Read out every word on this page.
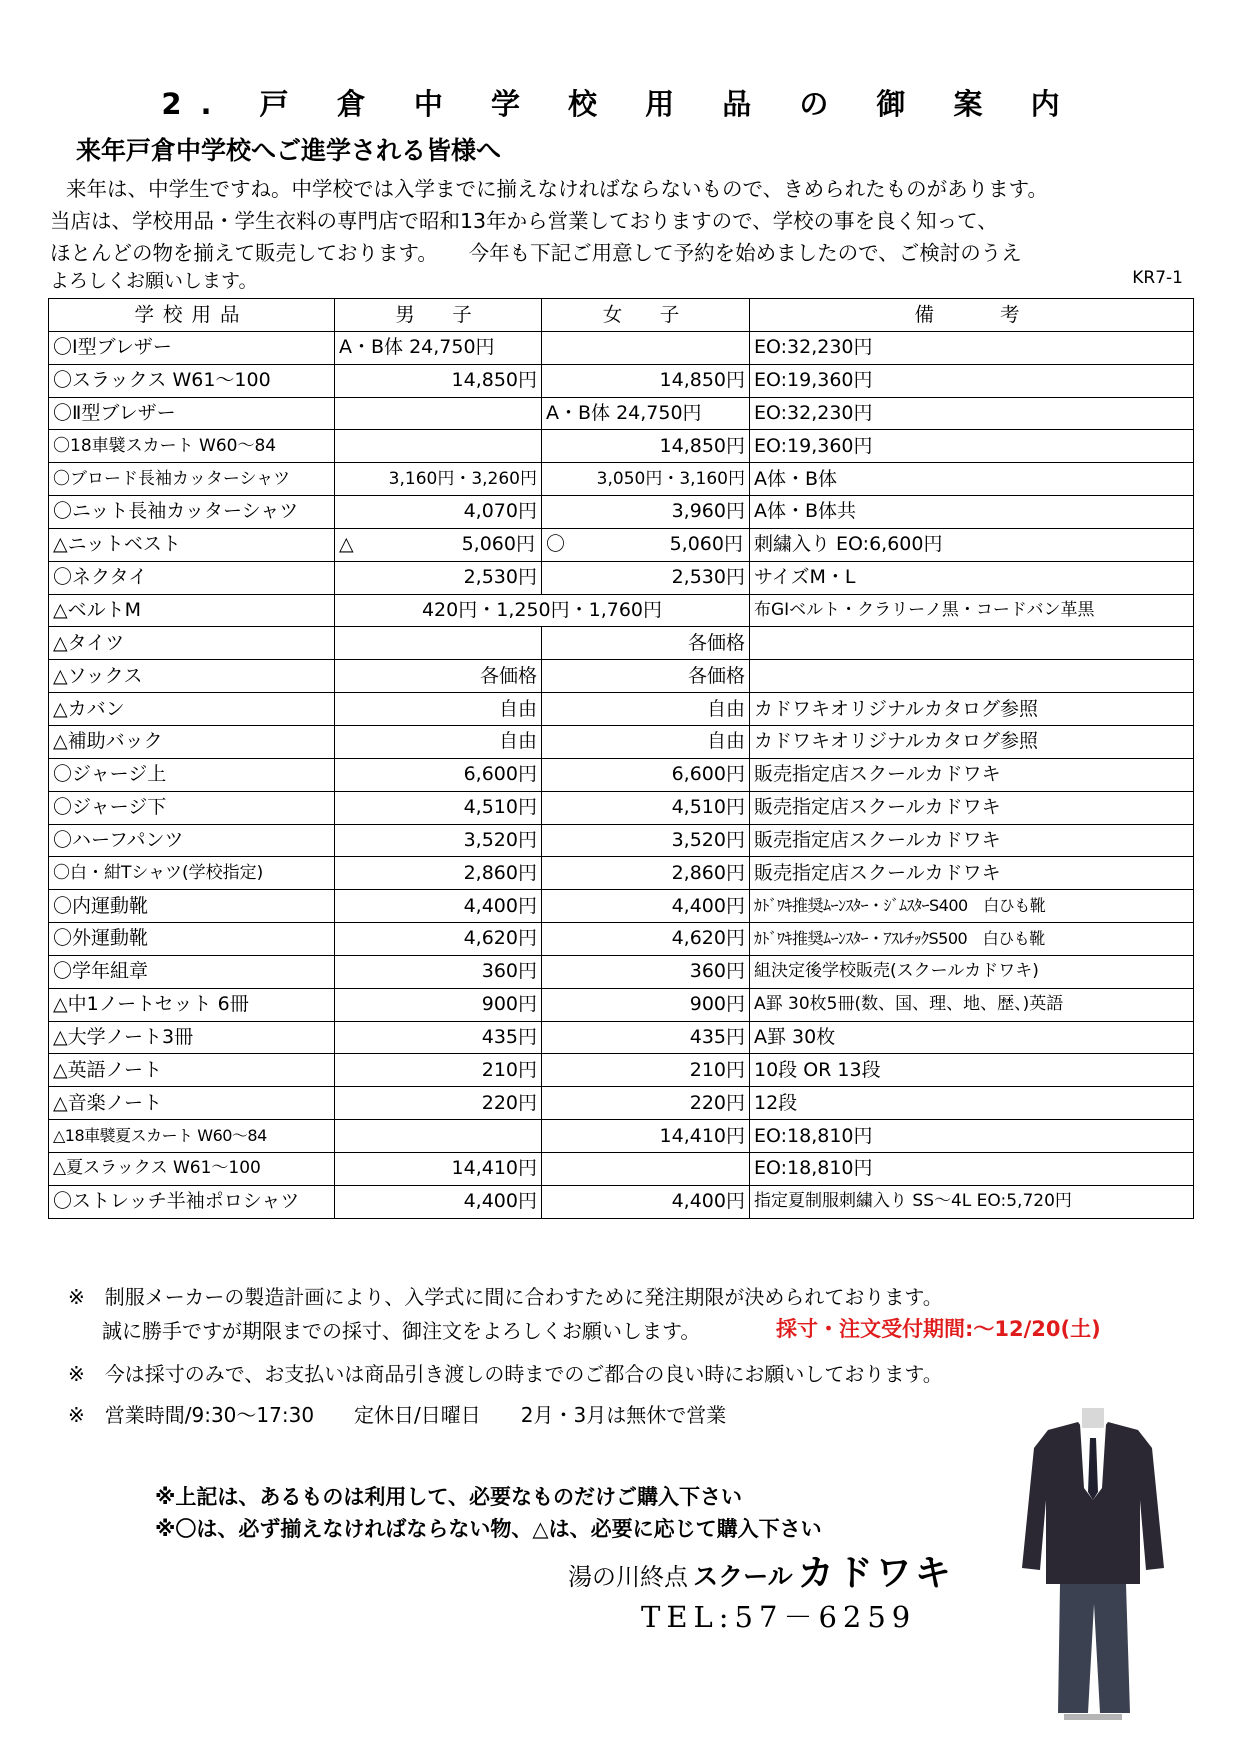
2. 戸 倉 中 学 校 用 品 の 御 案 内
来年戸倉中学校へご進学される皆様へ
来年は、中学生ですね。中学校では入学までに揃えなければならないもので、きめられたものがあります。
当店は、学校用品・学生衣料の専門店で昭和13年から営業しておりますので、学校の事を良く知って、
ほとんどの物を揃えて販売しております。　　今年も下記ご用意して予約を始めましたので、ご検討のうえ
よろしくお願いします。	KR7-1
学校用品	男　子	女　子	備　　考
〇Ⅰ型ブレザー	A・B体 24,750円		EO:32,230円
〇スラックス W61～100	14,850円	14,850円	EO:19,360円
〇Ⅱ型ブレザー		A・B体 24,750円	EO:32,230円
〇18車襞スカート W60～84		14,850円	EO:19,360円
〇ブロード長袖カッターシャツ	3,160円・3,260円	3,050円・3,160円	A体・B体
〇ニット長袖カッターシャツ	4,070円	3,960円	A体・B体共
△ニットベスト	△ 5,060円	〇 5,060円	刺繍入り EO:6,600円
〇ネクタイ	2,530円	2,530円	サイズM・L
△ベルトM	420円・1,250円・1,760円		布GIベルト・クラリーノ黒・コードバン革黒
△タイツ		各価格	
△ソックス	各価格	各価格	
△カバン	自由	自由	カドワキオリジナルカタログ参照
△補助バック	自由	自由	カドワキオリジナルカタログ参照
〇ジャージ上	6,600円	6,600円	販売指定店スクールカドワキ
〇ジャージ下	4,510円	4,510円	販売指定店スクールカドワキ
〇ハーフパンツ	3,520円	3,520円	販売指定店スクールカドワキ
〇白・紺Tシャツ(学校指定)	2,860円	2,860円	販売指定店スクールカドワキ
〇内運動靴	4,400円	4,400円	ｶﾄﾞﾜｷ推奨ﾑｰﾝｽﾀｰ・ｼﾞﾑｽﾀｰS400　白ひも靴
〇外運動靴	4,620円	4,620円	ｶﾄﾞﾜｷ推奨ﾑｰﾝｽﾀｰ・ｱｽﾚﾁｯｸS500　白ひも靴
〇学年組章	360円	360円	組決定後学校販売(スクールカドワキ)
△中1ノートセット 6冊	900円	900円	A罫 30枚5冊(数、国、理、地、歴、)英語
△大学ノート3冊	435円	435円	A罫 30枚
△英語ノート	210円	210円	10段 OR 13段
△音楽ノート	220円	220円	12段
△18車襞夏スカート W60～84		14,410円	EO:18,810円
△夏スラックス W61～100	14,410円		EO:18,810円
〇ストレッチ半袖ポロシャツ	4,400円	4,400円	指定夏制服刺繍入り SS～4L EO:5,720円
※　制服メーカーの製造計画により、入学式に間に合わすために発注期限が決められております。
誠に勝手ですが期限までの採寸、御注文をよろしくお願いします。	採寸・注文受付期間:～12/20(土)
※　今は採寸のみで、お支払いは商品引き渡しの時までのご都合の良い時にお願いしております。
※　営業時間/9:30～17:30　　定休日/日曜日　　2月・3月は無休で営業
※上記は、あるものは利用して、必要なものだけご購入下さい
※〇は、必ず揃えなければならない物、△は、必要に応じて購入下さい
湯の川終点 スクール カドワキ
TEL:57－6259
